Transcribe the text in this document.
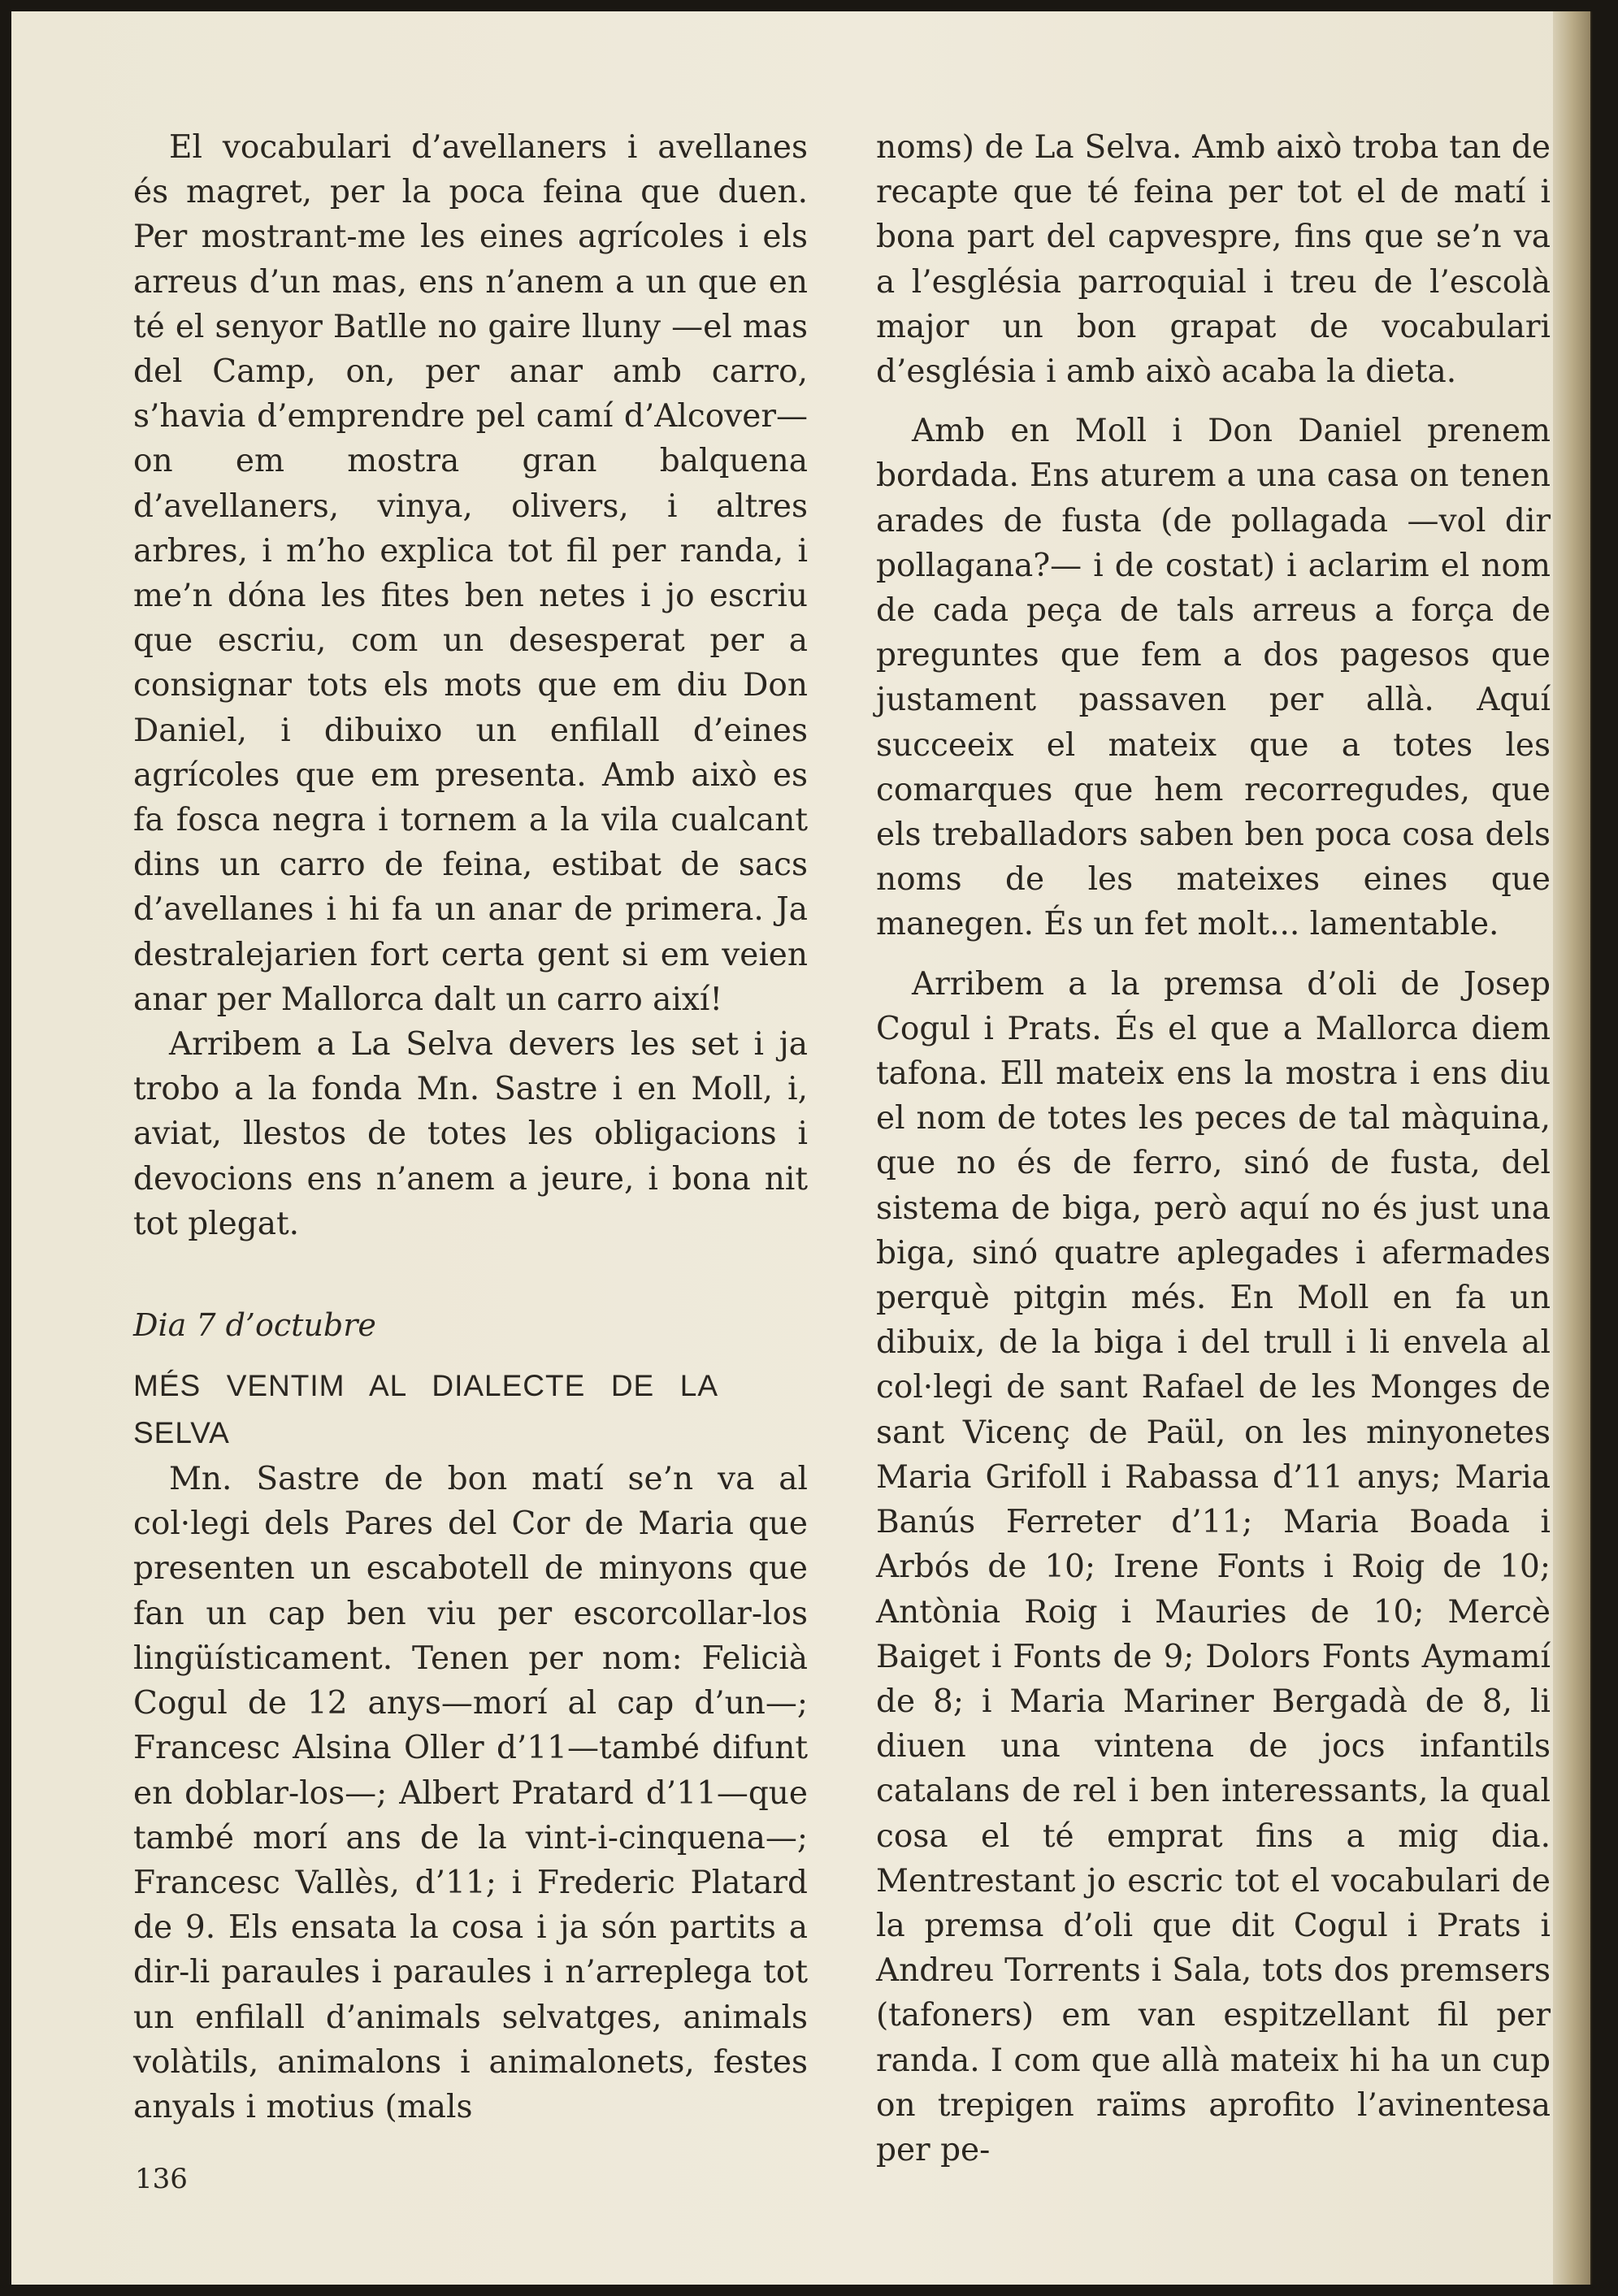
El vocabulari d’avellaners i avellanes és magret, per la poca feina que duen. Per mostrant-me les eines agrícoles i els arreus d’un mas, ens n’anem a un que en té el senyor Batlle no gaire lluny —el mas del Camp, on, per anar amb carro, s’havia d’emprendre pel camí d’Alcover— on em mostra gran balquena d’avellaners, vinya, olivers, i altres arbres, i m’ho explica tot fil per randa, i me’n dóna les fites ben netes i jo escriu que escriu, com un desesperat per a consignar tots els mots que em diu Don Daniel, i dibuixo un enfilall d’eines agrícoles que em presenta. Amb això es fa fosca negra i tornem a la vila cualcant dins un carro de feina, estibat de sacs d’avellanes i hi fa un anar de primera. Ja destralejarien fort certa gent si em veien anar per Mallorca dalt un carro així!

Arribem a La Selva devers les set i ja trobo a la fonda Mn. Sastre i en Moll, i, aviat, llestos de totes les obligacions i devocions ens n’anem a jeure, i bona nit tot plegat.

Dia 7 d’octubre

MÉS VENTIM AL DIALECTE DE LA SELVA

Mn. Sastre de bon matí se’n va al col·legi dels Pares del Cor de Maria que presenten un escabotell de minyons que fan un cap ben viu per escorcollar-los lingüísticament. Tenen per nom: Felicià Cogul de 12 anys—morí al cap d’un—; Francesc Alsina Oller d’11—també difunt en doblar-los—; Albert Pratard d’11—que també morí ans de la vint-i-cinquena—; Francesc Vallès, d’11; i Frederic Platard de 9. Els ensata la cosa i ja són partits a dir-li paraules i paraules i n’arreplega tot un enfilall d’animals selvatges, animals volàtils, animalons i animalonets, festes anyals i motius (mals

noms) de La Selva. Amb això troba tan de recapte que té feina per tot el de matí i bona part del capvespre, fins que se’n va a l’església parroquial i treu de l’escolà major un bon grapat de vocabulari d’església i amb això acaba la dieta.

Amb en Moll i Don Daniel prenem bordada. Ens aturem a una casa on tenen arades de fusta (de pollagada —vol dir pollagana?— i de costat) i aclarim el nom de cada peça de tals arreus a força de preguntes que fem a dos pagesos que justament passaven per allà. Aquí succeeix el mateix que a totes les comarques que hem recorregudes, que els treballadors saben ben poca cosa dels noms de les mateixes eines que manegen. És un fet molt... lamentable.

Arribem a la premsa d’oli de Josep Cogul i Prats. És el que a Mallorca diem tafona. Ell mateix ens la mostra i ens diu el nom de totes les peces de tal màquina, que no és de ferro, sinó de fusta, del sistema de biga, però aquí no és just una biga, sinó quatre aplegades i afermades perquè pitgin més. En Moll en fa un dibuix, de la biga i del trull i li envela al col·legi de sant Rafael de les Monges de sant Vicenç de Paül, on les minyonetes Maria Grifoll i Rabassa d’11 anys; Maria Banús Ferreter d’11; Maria Boada i Arbós de 10; Irene Fonts i Roig de 10; Antònia Roig i Mauries de 10; Mercè Baiget i Fonts de 9; Dolors Fonts Aymamí de 8; i Maria Mariner Bergadà de 8, li diuen una vintena de jocs infantils catalans de rel i ben interessants, la qual cosa el té emprat fins a mig dia. Mentrestant jo escric tot el vocabulari de la premsa d’oli que dit Cogul i Prats i Andreu Torrents i Sala, tots dos premsers (tafoners) em van espitzellant fil per randa. I com que allà mateix hi ha un cup on trepigen raïms aprofito l’avinentesa per pe-

136
